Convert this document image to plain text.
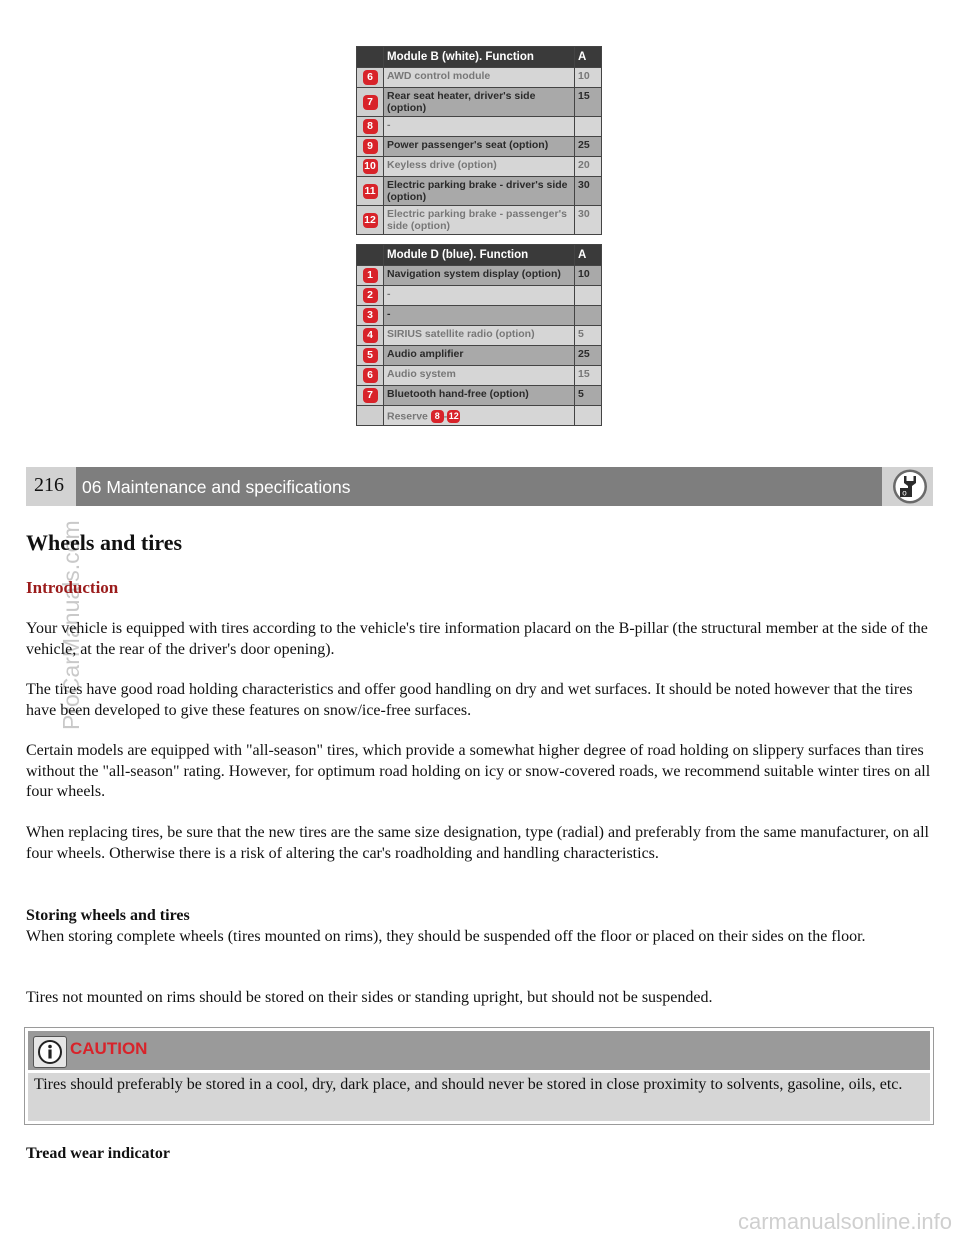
	Module B (white). Function	A
6	AWD control module	10
7	Rear seat heater, driver's side (option)	15
8	-	
9	Power passenger's seat (option)	25
10	Keyless drive (option)	20
11	Electric parking brake - driver's side (option)	30
12	Electric parking brake - passenger's side (option)	30
	Module D (blue). Function	A
1	Navigation system display (option)	10
2	-	
3	-	
4	SIRIUS satellite radio (option)	5
5	Audio amplifier	25
6	Audio system	15
7	Bluetooth hand-free (option)	5
	Reserve 8 -12	
216	06 Maintenance and specifications	o
ProCarManuals.com
Wheels and tires
Introduction

Your vehicle is equipped with tires according to the vehicle's tire information placard on the B-pillar (the structural member at the side of the vehicle, at the rear of the driver's door opening).

The tires have good road holding characteristics and offer good handling on dry and wet surfaces. It should be noted however that the tires have been developed to give these features on snow/ice-free surfaces.

Certain models are equipped with "all-season" tires, which provide a somewhat higher degree of road holding on slippery surfaces than tires without the "all-season" rating. However, for optimum road holding on icy or snow-covered roads, we recommend suitable winter tires on all four wheels.

When replacing tires, be sure that the new tires are the same size designation, type (radial) and preferably from the same manufacturer, on all four wheels. Otherwise there is a risk of altering the car's roadholding and handling characteristics.

Storing wheels and tires
When storing complete wheels (tires mounted on rims), they should be suspended off the floor or placed on their sides on the floor.

Tires not mounted on rims should be stored on their sides or standing upright, but should not be suspended.

CAUTION
Tires should preferably be stored in a cool, dry, dark place, and should never be stored in close proximity to solvents, gasoline, oils, etc.
Tread wear indicator
carmanualsonline.info
